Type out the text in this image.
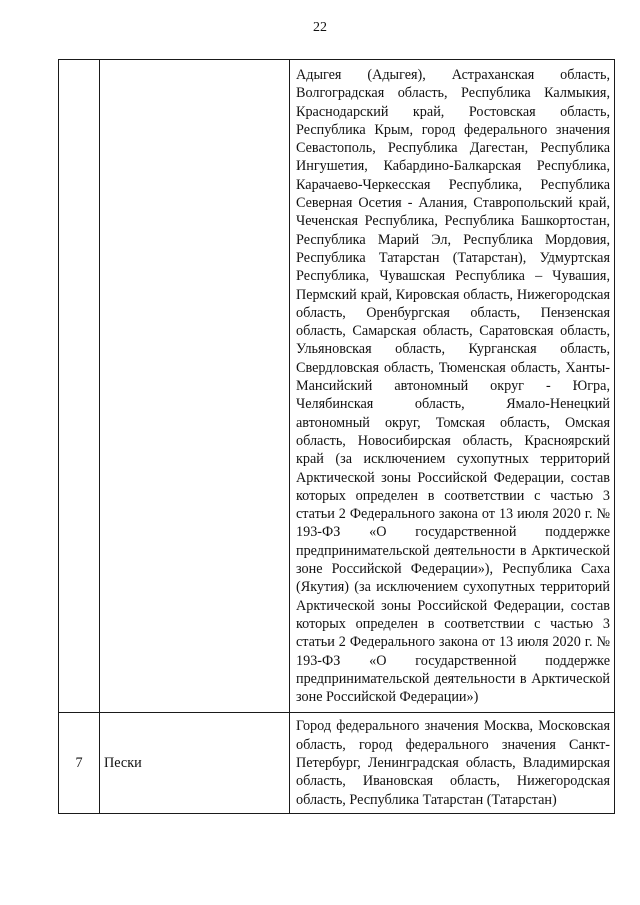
22
		Адыгея (Адыгея), Астраханская область, Волгоградская область, Республика Калмыкия, Краснодарский край, Ростовская область, Республика Крым, город федерального значения Севастополь, Республика Дагестан, Республика Ингушетия, Кабардино-Балкарская Республика, Карачаево-Черкесская Республика, Республика Северная Осетия - Алания, Ставропольский край, Чеченская Республика, Республика Башкортостан, Республика Марий Эл, Республика Мордовия, Республика Татарстан (Татарстан), Удмуртская Республика, Чувашская Республика – Чувашия, Пермский край, Кировская область, Нижегородская область, Оренбургская область, Пензенская область, Самарская область, Саратовская область, Ульяновская область, Курганская область, Свердловская область, Тюменская область, Ханты-Мансийский автономный округ - Югра, Челябинская область, Ямало-Ненецкий автономный округ, Томская область, Омская область, Новосибирская область, Красноярский край (за исключением сухопутных территорий Арктической зоны Российской Федерации, состав которых определен в соответствии с частью 3 статьи 2 Федерального закона от 13 июля 2020 г. № 193-ФЗ «О государственной поддержке предпринимательской деятельности в Арктической зоне Российской Федерации»), Республика Саха (Якутия) (за исключением сухопутных территорий Арктической зоны Российской Федерации, состав которых определен в соответствии с частью 3 статьи 2 Федерального закона от 13 июля 2020 г. № 193-ФЗ «О государственной поддержке предпринимательской деятельности в Арктической зоне Российской Федерации»)
7	Пески	Город федерального значения Москва, Московская область, город федерального значения Санкт-Петербург, Ленинградская область, Владимирская область, Ивановская область, Нижегородская область, Республика Татарстан (Татарстан)
